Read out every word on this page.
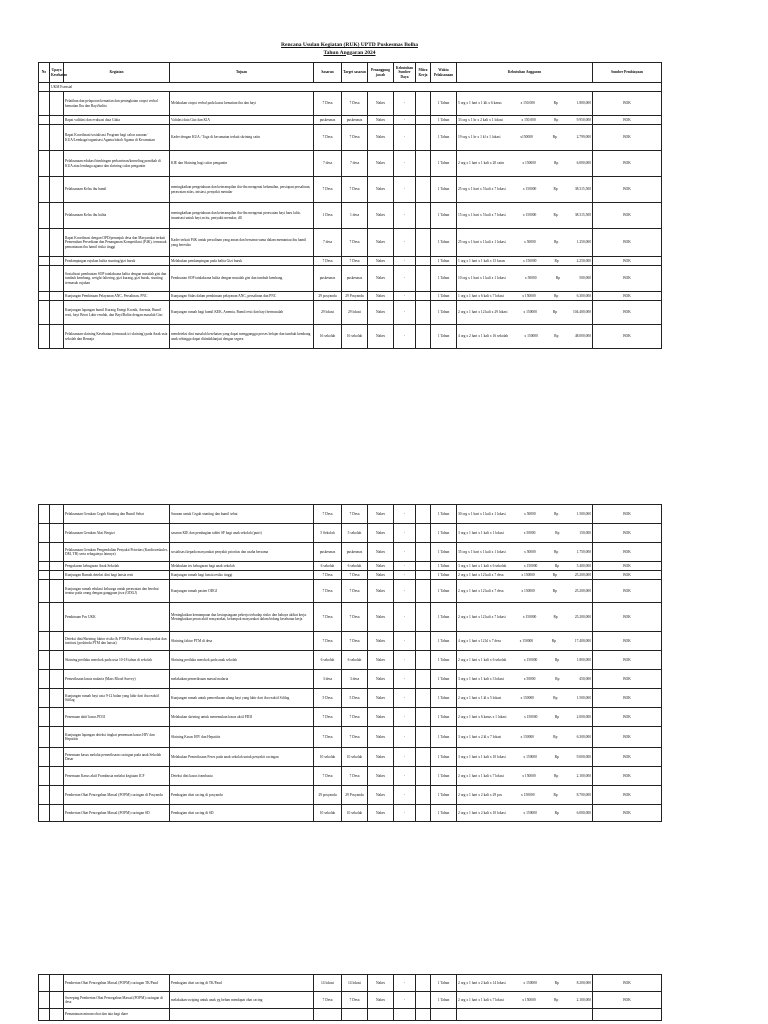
Rencana Usulan Kegiatan (RUK) UPTD Puskesmas Bolha
Tahun Anggaran 2024
No	Upaya Kesehatan	Kegiatan	Tujuan	Sasaran	Target sasaran	Penanggung jawab	Kebutuhan Sumber Daya	Mitra Kerja	Waktu Pelaksanaan	Kebutuhan Anggaran	Sumber Pembiayaan
	UKM Esensial										
		Pelatihan dan pelaporan kematian dan peningkatan otopsi verbal kematian Ibu dan Bayi/balita	Melakukan otopsi verbal pada kasus kematian ibu dan bayi	7 Desa	7 Desa	Nakes	-		1 Tahun	5 org x 1 hari x 1 kli x 6 kasus x 150.000 Rp 1.800,000	BOK
		Rapat validasi dan evaluasi data Gikia	Validasi data Gizi dan KIA	puskesmas	puskesmas	Nakes	-		1 Tahun	33 org x 1 hr x 2 kali x 1 lokasi x 150.000 Rp 9.950,000	BOK
		Rapat Koordinasi/sosialisasi Program bagi calon sasaran/ KUA/Lembaga/organisasi Agama/tokoh Agama di Kecamatan	Kader dengan KUA / Toga di kecamatan terkait skrining catin	7 Desa	7 Desa	Nakes	-		1 Tahun	19 org x 1 hr x 1 kl x 1 lokasi x150000 Rp 2.799,000	BOK
		Pelaksanaan edukasi bimbingan perkawinan/konseling pranikah di KUA atau lembaga agama dan skrining calon pengantin	KIE dan Skrining bagi calon pengantin	7 desa	7 desa	Nakes	-		1 Tahun	2 org x 1 hari x 1 kali x 20 catin x 150000 Rp 6.000,000	BOK
		Pelaksanaan Kelas ibu hamil	meningkatkan pengetahuan dan keterampilan ibu-ibu mengenai kehamilan, persiapan persalinan, perawatan nifas, inisiasi, penyakit menular	7 Desa	7 Desa	Nakes	-		1 Tahun	25 org x 1 hari x 5 kali x 7 lokasi x 150000 Rp 38.315,500	BOK
		Pelaksanaan Kelas ibu balita	meningkatkan pengetahuan dan keterampilan ibu-ibu mengenai perawatan bayi baru lahir, imunisasi untuk bayi,m itu, penyakit menular, dll	1 Desa	1 desa	Nakes	-		1 Tahun	15 org x 1 hari x 5 kali x 7 lokasi x 150000 Rp 38.315,500	BOK
		Rapat Koordinasi dengan OPD/penunjuk desa dan Masyarakat terkait Pemenuhan Persediaan dan Penanganan Kompetikasi (P4K), termasuk pemantauan ibu hamil risiko tinggi	Kader terkait P4K untuk persalinan yang aman dan bersama-sama dalam memantau ibu hamil yang beresiko	7 desa	7 Desa	Nakes	-		1 Tahun	25 org x 1 hari x 1 kali x 1 lokasi x 50000 Rp 1.250,000	BOK
		Pendampingan rujukan balita stunting/gizi buruk	Melakukan pendampingan pada balita Gizi buruk	7 Desa	7 Desa	Nakes	-		1 Tahun	1 org x 1 hari x 1 kali x 15 kasus x 150000 Rp 2.250,000	BOK
		Sosialisasi pembuatan SOP tatalaksana balita dengan masalah gizi dan tumbuh kembang, weight faltering, gizi kurang, gizi buruk, stunting termasuk rujukan	Pembuatan SOP tatalaksana balita dengan masalah gizi dan tumbuh kembang	puskesmas	puskesmas	Nakes	-		1 Tahun	10 org x 1 hari x 1 kali x 1 lokasi x 50000 Rp 500,000	BOK
		Kunjungan Pembinaan Pelayanan ANC, Persalinan, PNC	Kunjungan Sidas dalam pembinaan pelayanan ANC, persalinan dan PNC	29 posyandu	29 Posyandu	Nakes	-		1 Tahun	1 org x 1 hari x 6 kali x 7 lokasi x 150000 Rp 6.300,000	BOK
		Kunjungan lapangan bumil Kurang Energi Kronik, Anemia, Bumil resti, bayi Berat Lahir rendah, dan Bayi/Balita dengan masalah Gizi	Kunjungan rumah bagi bumil KEK, Anemia, Bumil resti dan bayi bermasalah	29 lokasi	29 lokasi	Nakes	-		1 Tahun	2 org x 1 hari x 12 kali x 29 lokasi x 150000 Rp 104.400,000	BOK
		Pelaksanaan skrining Kesehatan (termasuk tri skrining) pada Anak usia sekolah dan Remaja	mendeteksi dini masalah kesehatan yang dapat mengganggu proses belajar dan tumbuh kembang anak sehingga dapat ditindaklanjuti dengan segera	16 sekolah	16 sekolah	Nakes	-		1 Tahun	4 org x 2 hari x 1 kali x 16 sekolah x 150000 Rp 48.000,000	BOK
		Pelaksanaan Gerakan Cegah Stunting dan Bumil Sehat	Sasaran untuk Cegah stunting dan bumil sehat	7 Desa	7 Desa	Nakes	-		1 Tahun	30 org x 1 hari x 1 kali x 1 lokasi x 50000 Rp 1.500,000	BOK
		Pelaksanaan Gerakan Aksi Bergizi	sasaran KIE dan pembagian tablet SF bagi anak sekolah (putri)	5 Sekolah	5 sekolah	Nakes	-		1 Tahun	3 org x 1 hari x 1 kali x 1 lokasi x 50000 Rp 150,000	BOK
		Pelaksanaan Gerakan Pengendalian Penyakit Prioritas (Kardiovaskuler, DM, TB) serta sebagainya lainnya)	sosialisasi kepada masyarakat penyakit prioritas dan usaha bersama	puskesmas	puskesmas	Nakes	-		1 Tahun	35 org x 1 hari x 1 kali x 1 lokasi x 50000 Rp 1.750,000	BOK
		Pengukuran kebugaran Anak Sekolah	Melakukan tes kebugaran bagi anak sekolah	6 sekolah	6 sekolah	Nakes	-		1 Tahun	3 org x 1 hari x 1 kali x 6 sekolah x 150000 Rp 5.400,000	BOK
		Kunjungan Rumah deteksi dini bagi lansia resti	Kunjungan rumah bagi lansia resiko tinggi	7 Desa	7 Desa	Nakes	-		1 Tahun	2 org x 1 hari x 12 kali x 7 desa x 150000 Rp 25.200,000	BOK
		Kunjungan rumah edukasi keluarga untuk perawatan dan berobat teratur pada orang dengan gangguan jiwa (ODGJ)	Kunjungan rumah pasien ODGJ	7 Desa	7 Desa	Nakes	-		1 Tahun	2 org x 1 hari x 12 kali x 7 desa x 150000 Rp 25.200,000	BOK
		Pembinaan Pos UKK	Meningkatkan kemampuan dan kesiapsiagaan pekerja terhadap risiko dan bahaya akibat kerja. Meningkatkan peran aktif masyarakat, kelompok masyarakat dalam bidang kesehatan kerja	7 Desa	7 Desa	Nakes	-		1 Tahun	2 org x 1 hari x 12 kali x 7 lokasi x 150000 Rp 25.200,000	BOK
		Deteksi dini/Skrining faktor risiko & PTM Prioritas di masyarakat dan institusi (posbindu PTM dan lansia)	Skrining faktor PTM di desa	7 Desa	7 Desa	Nakes	-		1 Tahun	4 org x 1 hari x 12 kl x 7 desa x 150000 Rp 17.400,000	BOK
		Skrining perilaku merokok pada usia 10-18 tahun di sekolah	Skrining perilaku merokok pada anak sekolah	6 sekolah	6 sekolah	Nakes	-		1 Tahun	2 org x 1 hari x 1 kali x 6 sekolah x 150000 Rp 1.800,000	BOK
		Pemeriksaan kasus malaria (Mass Blood Survey)	melakukan pemeriksaan massal malaria	3 desa	3 desa	Nakes	-		1 Tahun	3 org x 1 hari x 1 kali x 3 lokasi x 50000 Rp 450,000	BOK
		Kunjungan rumah bayi usia 9-12 bulan yang lahir dari ibu reaktif Sifilag	Kunjungan rumah untuk pemeriksaan ulang bayi yang lahir dari ibu reaktif Sifilag	5 Desa	5 Desa	Nakes	-		1 Tahun	2 org x 1 hari x 1 kl x 5 lokasi x 150000 Rp 1.500,000	BOK
		Penemuan aktif kasus PD3I	Melakukan skrining untuk menemukan kasus aktif PD3I	7 Desa	7 Desa	Nakes	-		1 Tahun	2 org x 1 hari x 6 kasus x 1 lokasi x 150000 Rp 2.000,000	BOK
		Kunjungan lapangan deteksi tingkat penemuan kasus HIV dan Hepatitis	Skrining Kasus HIV dan Hepatitis	7 Desa	7 Desa	Nakes	-		1 Tahun	3 org x 1 hari x 2 kl x 7 lokasi x 150000 Rp 6.300,000	BOK
		Penemuan kasus melalui pemeriksaan cacingan pada anak Sekolah Dasar	Melakukan Pemeriksaan Feses pada anak sekolah untuk penyakit cacingan	10 sekolah	10 sekolah	Nakes	-		1 Tahun	3 org x 1 hari x 1 kali x 10 lokasi x 150000 Rp 9.000,000	BOK
		Penemuan Kasus aktif Frambusia melalui kegiatan ICF	Deteksi dini kasus frambusia	7 Desa	7 Desa	Nakes	-		1 Tahun	2 org x 1 hari x 1 kali x 7 lokasi x 150000 Rp 2.100,000	BOK
		Pemberian Obat Pencegahan Massal (POPM) cacingan di Posyandu	Pembagian obat cacing di posyandu	29 posyandu	29 Posyandu	Nakes	-		1 Tahun	2 org x 1 hari x 2 kali x 29 pos x 150000 Rp 8.700,000	BOK
		Pemberian Obat Pencegahan Massal (POPM) cacingan SD	Pembagian obat cacing di SD	10 sekolah	10 sekolah	Nakes	-		1 Tahun	2 org x 1 hari x 2 kali x 10 lokasi x 150000 Rp 6.000,000	BOK
		Pemberian Obat Pencegahan Massal (POPM) cacingan TK/Paud	Pembagian obat cacing di TK/Paud	14 lokasi	14 lokasi	Nakes	-		1 Tahun	2 org x 1 hari x 2 kali x 14 lokasi x 150000 Rp 8.200,000	BOK
		Sweeping Pemberian Obat Pencegahan Massal (POPM) cacingan di desa	melakukan swiping untuk anak yg belum mendapat obat cacing	7 Desa	7 Desa	Nakes	-		1 Tahun	2 org x 1 hari x 1 kali x 7 lokasi x 150000 Rp 2.100,000	BOK
		Pemantauan minum obat dan tata bagi diare								
